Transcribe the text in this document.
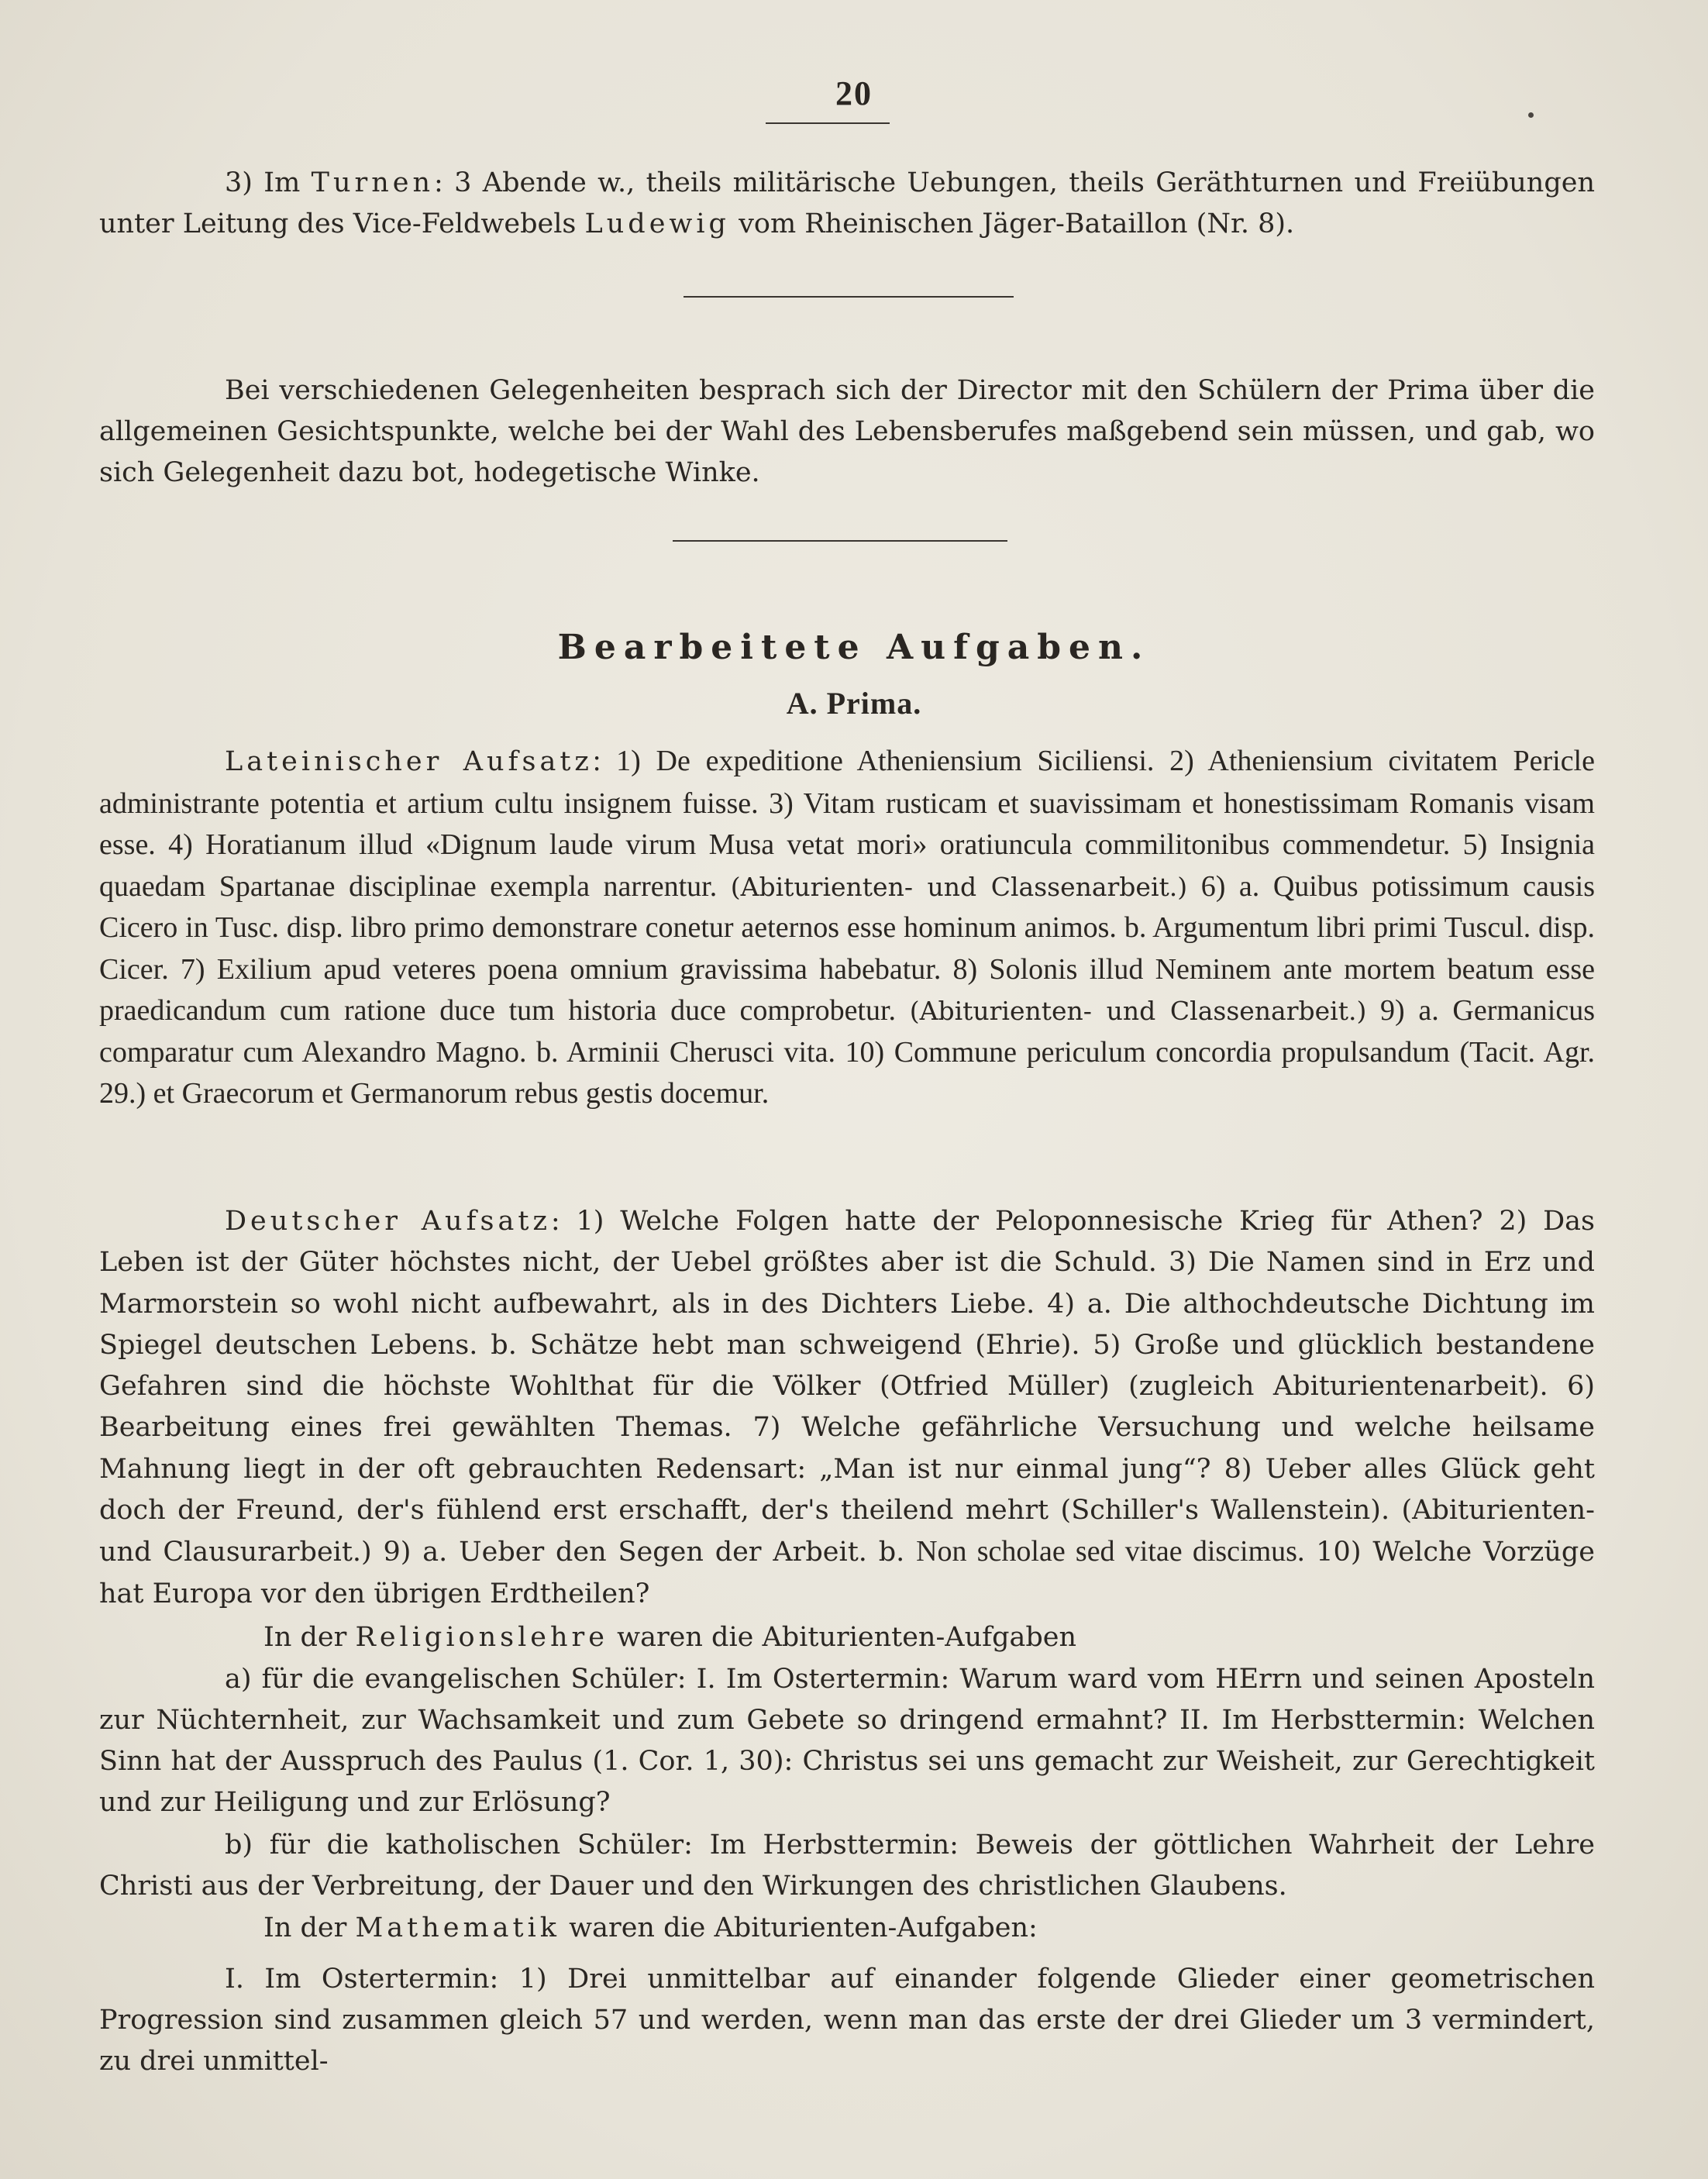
20

3) Im Turnen: 3 Abende w., theils militärische Uebungen, theils Geräthturnen und Freiübungen unter Leitung des Vice-Feldwebels Ludewig vom Rheinischen Jäger-Bataillon (Nr. 8).

Bei verschiedenen Gelegenheiten besprach sich der Director mit den Schülern der Prima über die allgemeinen Gesichtspunkte, welche bei der Wahl des Lebensberufes maßgebend sein müssen, und gab, wo sich Gelegenheit dazu bot, hodegetische Winke.

Bearbeitete Aufgaben.
A. Prima.

Lateinischer Aufsatz: 1) De expeditione Atheniensium Siciliensi. 2) Atheniensium civitatem Pericle administrante potentia et artium cultu insignem fuisse. 3) Vitam rusticam et suavissimam et honestissimam Romanis visam esse. 4) Horatianum illud «Dignum laude virum Musa vetat mori» oratiuncula commilitonibus commendetur. 5) Insignia quaedam Spartanae disciplinae exempla narrentur. (Abiturienten- und Classenarbeit.) 6) a. Quibus potissimum causis Cicero in Tusc. disp. libro primo demonstrare conetur aeternos esse hominum animos. b. Argumentum libri primi Tuscul. disp. Cicer. 7) Exilium apud veteres poena omnium gravissima habebatur. 8) Solonis illud Neminem ante mortem beatum esse praedicandum cum ratione duce tum historia duce comprobetur. (Abiturienten- und Classenarbeit.) 9) a. Germanicus comparatur cum Alexandro Magno. b. Arminii Cherusci vita. 10) Commune periculum concordia propulsandum (Tacit. Agr. 29.) et Graecorum et Germanorum rebus gestis docemur.

Deutscher Aufsatz: 1) Welche Folgen hatte der Peloponnesische Krieg für Athen? 2) Das Leben ist der Güter höchstes nicht, der Uebel größtes aber ist die Schuld. 3) Die Namen sind in Erz und Marmorstein so wohl nicht aufbewahrt, als in des Dichters Liebe. 4) a. Die althochdeutsche Dichtung im Spiegel deutschen Lebens. b. Schätze hebt man schweigend (Ehrie). 5) Große und glücklich bestandene Gefahren sind die höchste Wohlthat für die Völker (Otfried Müller) (zugleich Abiturientenarbeit). 6) Bearbeitung eines frei gewählten Themas. 7) Welche gefährliche Versuchung und welche heilsame Mahnung liegt in der oft gebrauchten Redensart: „Man ist nur einmal jung“? 8) Ueber alles Glück geht doch der Freund, der's fühlend erst erschafft, der's theilend mehrt (Schiller's Wallenstein). (Abiturienten- und Clausurarbeit.) 9) a. Ueber den Segen der Arbeit. b. Non scholae sed vitae discimus. 10) Welche Vorzüge hat Europa vor den übrigen Erdtheilen?

In der Religionslehre waren die Abiturienten-Aufgaben

a) für die evangelischen Schüler: I. Im Ostertermin: Warum ward vom HErrn und seinen Aposteln zur Nüchternheit, zur Wachsamkeit und zum Gebete so dringend ermahnt? II. Im Herbsttermin: Welchen Sinn hat der Ausspruch des Paulus (1. Cor. 1, 30): Christus sei uns gemacht zur Weisheit, zur Gerechtigkeit und zur Heiligung und zur Erlösung?

b) für die katholischen Schüler: Im Herbsttermin: Beweis der göttlichen Wahrheit der Lehre Christi aus der Verbreitung, der Dauer und den Wirkungen des christlichen Glaubens.

In der Mathematik waren die Abiturienten-Aufgaben:

I. Im Ostertermin: 1) Drei unmittelbar auf einander folgende Glieder einer geometrischen Progression sind zusammen gleich 57 und werden, wenn man das erste der drei Glieder um 3 vermindert, zu drei unmittel-
